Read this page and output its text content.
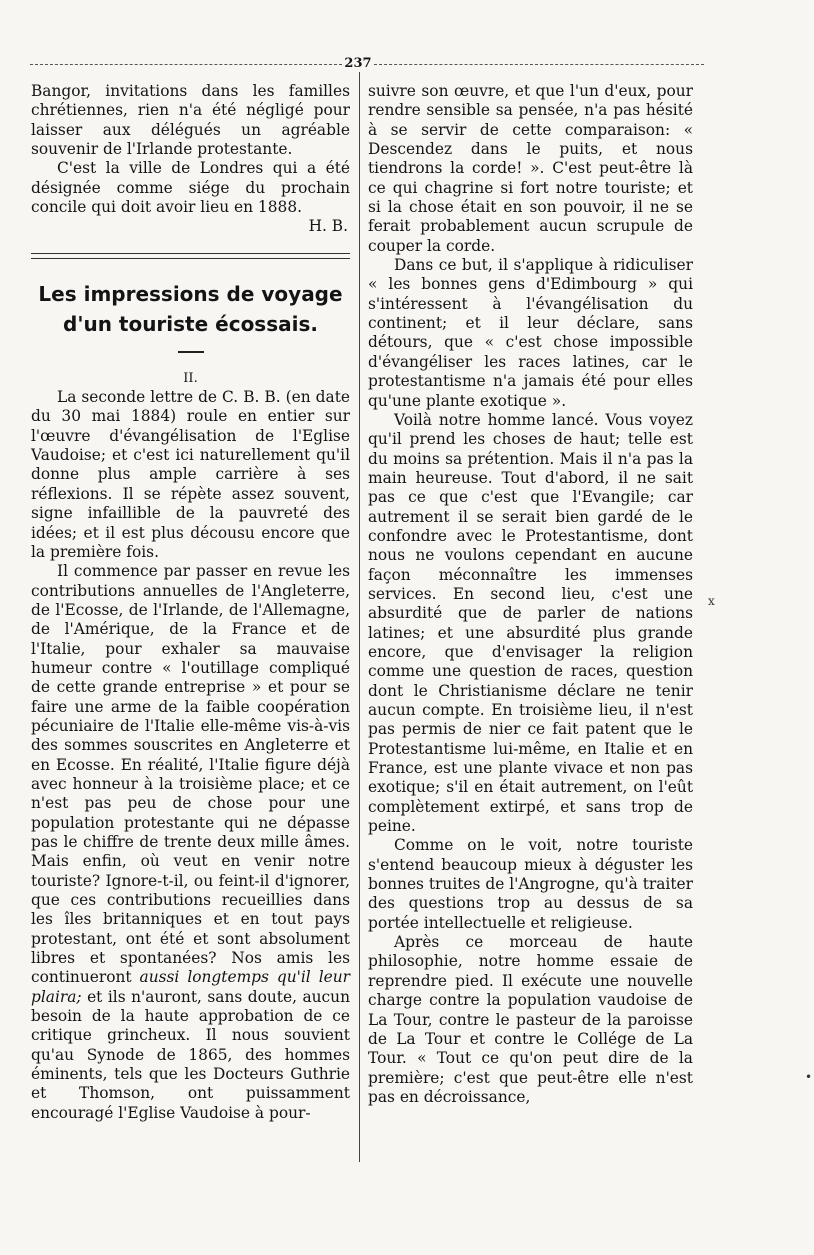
237

Bangor, invitations dans les familles chrétiennes, rien n'a été négligé pour laisser aux délégués un agréable souvenir de l'Irlande protestante.

C'est la ville de Londres qui a été désignée comme siége du prochain concile qui doit avoir lieu en 1888.

H. B.

Les impressions de voyage

d'un touriste écossais.

II.

La seconde lettre de C. B. B. (en date du 30 mai 1884) roule en entier sur l'œuvre d'évangélisation de l'Eglise Vaudoise; et c'est ici naturellement qu'il donne plus ample carrière à ses réflexions. Il se répète assez souvent, signe infaillible de la pauvreté des idées; et il est plus décousu encore que la première fois.

Il commence par passer en revue les contributions annuelles de l'Angleterre, de l'Ecosse, de l'Irlande, de l'Allemagne, de l'Amérique, de la France et de l'Italie, pour exhaler sa mauvaise humeur contre « l'outillage compliqué de cette grande entreprise » et pour se faire une arme de la faible coopération pécuniaire de l'Italie elle-même vis-à-vis des sommes souscrites en Angleterre et en Ecosse. En réalité, l'Italie figure déjà avec honneur à la troisième place; et ce n'est pas peu de chose pour une population protestante qui ne dépasse pas le chiffre de trente deux mille âmes. Mais enfin, où veut en venir notre touriste? Ignore-t-il, ou feint-il d'ignorer, que ces contributions recueillies dans les îles britanniques et en tout pays protestant, ont été et sont absolument libres et spontanées? Nos amis les continueront aussi longtemps qu'il leur plaira; et ils n'auront, sans doute, aucun besoin de la haute approbation de ce critique grincheux. Il nous souvient qu'au Synode de 1865, des hommes éminents, tels que les Docteurs Guthrie et Thomson, ont puissamment encouragé l'Eglise Vaudoise à pour-

suivre son œuvre, et que l'un d'eux, pour rendre sensible sa pensée, n'a pas hésité à se servir de cette comparaison: « Descendez dans le puits, et nous tiendrons la corde! ». C'est peut-être là ce qui chagrine si fort notre touriste; et si la chose était en son pouvoir, il ne se ferait probablement aucun scrupule de couper la corde.

Dans ce but, il s'applique à ridiculiser « les bonnes gens d'Edimbourg » qui s'intéressent à l'évangélisation du continent; et il leur déclare, sans détours, que « c'est chose impossible d'évangéliser les races latines, car le protestantisme n'a jamais été pour elles qu'une plante exotique ».

Voilà notre homme lancé. Vous voyez qu'il prend les choses de haut; telle est du moins sa prétention. Mais il n'a pas la main heureuse. Tout d'abord, il ne sait pas ce que c'est que l'Evangile; car autrement il se serait bien gardé de le confondre avec le Protestantisme, dont nous ne voulons cependant en aucune façon méconnaître les immenses services. En second lieu, c'est une absurdité que de parler de nations latines; et une absurdité plus grande encore, que d'envisager la religion comme une question de races, question dont le Christianisme déclare ne tenir aucun compte. En troisième lieu, il n'est pas permis de nier ce fait patent que le Protestantisme lui-même, en Italie et en France, est une plante vivace et non pas exotique; s'il en était autrement, on l'eût complètement extirpé, et sans trop de peine.

Comme on le voit, notre touriste s'entend beaucoup mieux à déguster les bonnes truites de l'Angrogne, qu'à traiter des questions trop au dessus de sa portée intellectuelle et religieuse.

Après ce morceau de haute philosophie, notre homme essaie de reprendre pied. Il exécute une nouvelle charge contre la population vaudoise de La Tour, contre le pasteur de la paroisse de La Tour et contre le Collége de La Tour. « Tout ce qu'on peut dire de la première; c'est que peut-être elle n'est pas en décroissance,

x
•
